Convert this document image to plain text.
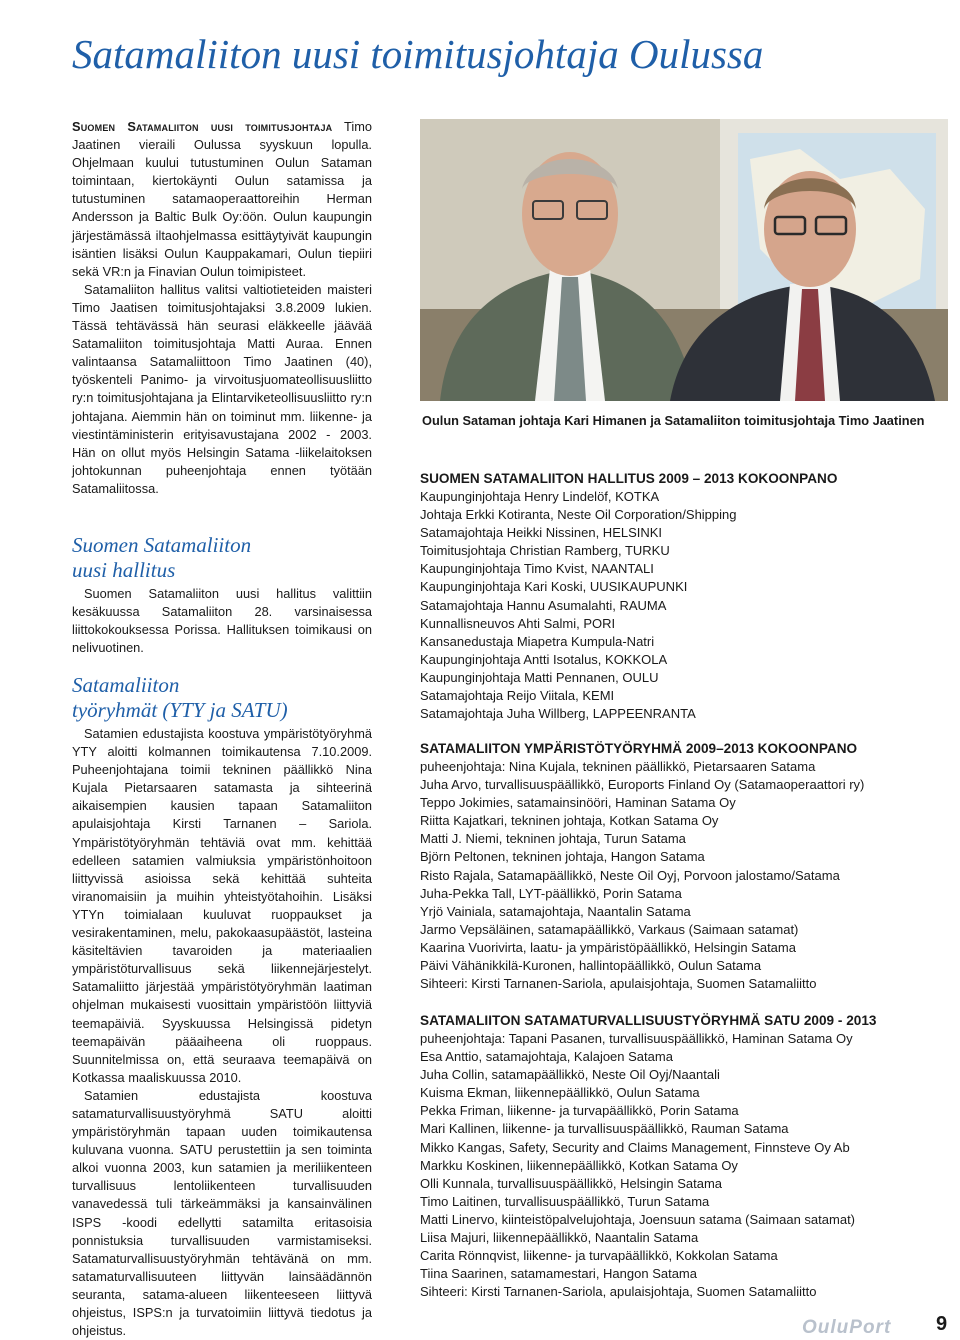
Satamaliiton uusi toimitusjohtaja Oulussa

Suomen Satamaliiton uusi toimitusjohtaja Timo Jaatinen vieraili Oulussa syyskuun lopulla. Ohjelmaan kuului tutustuminen Oulun Sataman toimintaan, kiertokäynti Oulun satamissa ja tutustuminen satamaoperaattoreihin Herman Andersson ja Baltic Bulk Oy:öön. Oulun kaupungin järjestämässä iltaohjelmassa esittäytyivät kaupungin isäntien lisäksi Oulun Kauppakamari, Oulun tiepiiri sekä VR:n ja Finavian Oulun toimipisteet.

Satamaliiton hallitus valitsi valtiotieteiden maisteri Timo Jaatisen toimitusjohtajaksi 3.8.2009 lukien. Tässä tehtävässä hän seurasi eläkkeelle jäävää Satamaliiton toimitusjohtaja Matti Auraa. Ennen valintaansa Satamaliittoon Timo Jaatinen (40), työskenteli Panimo- ja virvoitusjuomateollisuusliitto ry:n toimitusjohtajana ja Elintarviketeollisuusliitto ry:n johtajana. Aiemmin hän on toiminut mm. liikenne- ja viestintäministerin erityisavustajana 2002 - 2003. Hän on ollut myös Helsingin Satama -liikelaitoksen johtokunnan puheenjohtaja ennen työtään Satamaliitossa.

Suomen Satamaliiton
uusi hallitus

Suomen Satamaliiton uusi hallitus valittiin kesäkuussa Satamaliiton 28. varsinaisessa liittokokouksessa Porissa. Hallituksen toimikausi on nelivuotinen.

Satamaliiton
työryhmät (YTY ja SATU)

Satamien edustajista koostuva ympäristötyöryhmä YTY aloitti kolmannen toimikautensa 7.10.2009. Puheenjohtajana toimii tekninen päällikkö Nina Kujala Pietarsaaren satamasta ja sihteerinä aikaisempien kausien tapaan Satamaliiton apulaisjohtaja Kirsti Tarnanen – Sariola. Ympäristötyöryhmän tehtäviä ovat mm. kehittää edelleen satamien valmiuksia ympäristönhoitoon liittyvissä asioissa sekä kehittää suhteita viranomaisiin ja muihin yhteistyötahoihin. Lisäksi YTYn toimialaan kuuluvat ruoppaukset ja vesirakentaminen, melu, pakokaasupäästöt, lasteina käsiteltävien tavaroiden ja materiaalien ympäristöturvallisuus sekä liikennejärjestelyt. Satamaliitto järjestää ympäristötyöryhmän laatiman ohjelman mukaisesti vuosittain ympäristöön liittyviä teemapäiviä. Syyskuussa Helsingissä pidetyn teemapäivän pääaiheena oli ruoppaus. Suunnitelmissa on, että seuraava teemapäivä on Kotkassa maaliskuussa 2010.

Satamien edustajista koostuva satamaturvallisuustyöryhmä SATU aloitti ympäristöryhmän tapaan uuden toimikautensa kuluvana vuonna. SATU perustettiin ja sen toiminta alkoi vuonna 2003, kun satamien ja meriliikenteen turvallisuus lentoliikenteen turvallisuuden vanavedessä tuli tärkeämmäksi ja kansainvälinen ISPS -koodi edellytti satamilta eritasoisia ponnistuksia turvallisuuden varmistamiseksi. Satamaturvallisuustyöryhmän tehtävänä on mm. satamaturvallisuuteen liittyvän lainsäädännön seuranta, satama-alueen liikenteeseen liittyvä ohjeistus, ISPS:n ja turvatoimiin liittyvä tiedotus ja ohjeistus.

Oulun Sataman johtaja Kari Himanen ja Satamaliiton toimitusjohtaja Timo Jaatinen
SUOMEN SATAMALIITON HALLITUS 2009 – 2013 KOKOONPANO
Kaupunginjohtaja Henry Lindelöf, KOTKA
Johtaja Erkki Kotiranta, Neste Oil Corporation/Shipping
Satamajohtaja Heikki Nissinen, HELSINKI
Toimitusjohtaja Christian Ramberg, TURKU
Kaupunginjohtaja Timo Kvist, NAANTALI
Kaupunginjohtaja Kari Koski, UUSIKAUPUNKI
Satamajohtaja Hannu Asumalahti, RAUMA
Kunnallisneuvos Ahti Salmi, PORI
Kansanedustaja Miapetra Kumpula-Natri
Kaupunginjohtaja Antti Isotalus, KOKKOLA
Kaupunginjohtaja Matti Pennanen, OULU
Satamajohtaja Reijo Viitala, KEMI
Satamajohtaja Juha Willberg, LAPPEENRANTA
SATAMALIITON YMPÄRISTÖTYÖRYHMÄ 2009–2013 KOKOONPANO
puheenjohtaja: Nina Kujala, tekninen päällikkö, Pietarsaaren Satama
Juha Arvo, turvallisuuspäällikkö, Euroports Finland Oy (Satamaoperaattori ry)
Teppo Jokimies, satamainsinööri, Haminan Satama Oy
Riitta Kajatkari, tekninen johtaja, Kotkan Satama Oy
Matti J. Niemi, tekninen johtaja, Turun Satama
Björn Peltonen, tekninen johtaja, Hangon Satama
Risto Rajala, Satamapäällikkö, Neste Oil Oyj, Porvoon jalostamo/Satama
Juha-Pekka Tall, LYT-päällikkö, Porin Satama
Yrjö Vainiala, satamajohtaja, Naantalin Satama
Jarmo Vepsäläinen, satamapäällikkö, Varkaus (Saimaan satamat)
Kaarina Vuorivirta, laatu- ja ympäristöpäällikkö, Helsingin Satama
Päivi Vähänikkilä-Kuronen, hallintopäällikkö, Oulun Satama
Sihteeri: Kirsti Tarnanen-Sariola, apulaisjohtaja, Suomen Satamaliitto
SATAMALIITON SATAMATURVALLISUUSTYÖRYHMÄ SATU 2009 - 2013
puheenjohtaja: Tapani Pasanen, turvallisuuspäällikkö, Haminan Satama Oy
Esa Anttio, satamajohtaja, Kalajoen Satama
Juha Collin, satamapäällikkö, Neste Oil Oyj/Naantali
Kuisma Ekman, liikennepäällikkö, Oulun Satama
Pekka Friman, liikenne- ja turvapäällikkö, Porin Satama
Mari Kallinen, liikenne- ja turvallisuuspäällikkö, Rauman Satama
Mikko Kangas, Safety, Security and Claims Management, Finnsteve Oy Ab
Markku Koskinen, liikennepäällikkö, Kotkan Satama Oy
Olli Kunnala, turvallisuuspäällikkö, Helsingin Satama
Timo Laitinen, turvallisuuspäällikkö, Turun Satama
Matti Linervo, kiinteistöpalvelujohtaja, Joensuun satama (Saimaan satamat)
Liisa Majuri, liikennepäällikkö, Naantalin Satama
Carita Rönnqvist, liikenne- ja turvapäällikkö, Kokkolan Satama
Tiina Saarinen, satamamestari, Hangon Satama
Sihteeri: Kirsti Tarnanen-Sariola, apulaisjohtaja, Suomen Satamaliitto
OuluPort 9
